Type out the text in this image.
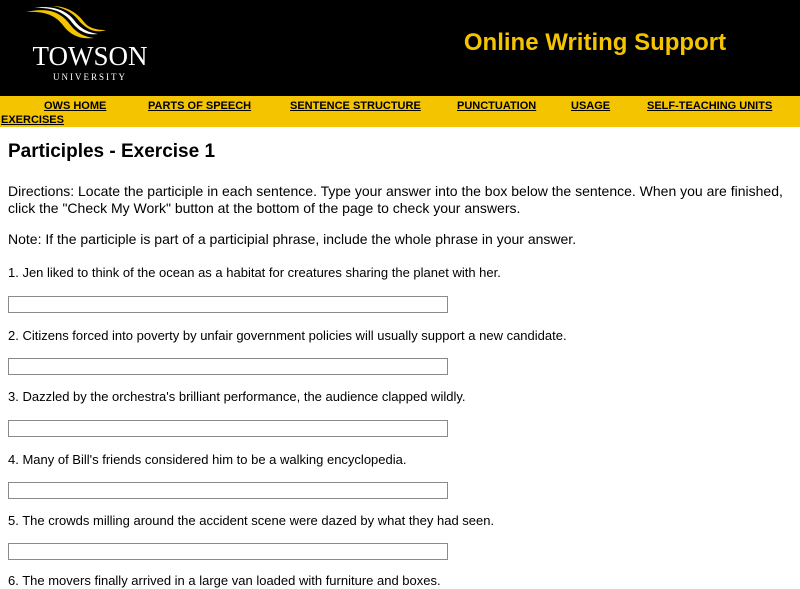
TOWSON
UNIVERSITY
Online Writing Support
OWS HOME	PARTS OF SPEECH	SENTENCE STRUCTURE	PUNCTUATION	USAGE	SELF-TEACHING UNITS
EXERCISES
Participles - Exercise 1

Directions: Locate the participle in each sentence. Type your answer into the box below the sentence. When you are finished, click the "Check My Work" button at the bottom of the page to check your answers.

Note: If the participle is part of a participial phrase, include the whole phrase in your answer.

1. Jen liked to think of the ocean as a habitat for creatures sharing the planet with her.

2. Citizens forced into poverty by unfair government policies will usually support a new candidate.

3. Dazzled by the orchestra's brilliant performance, the audience clapped wildly.

4. Many of Bill's friends considered him to be a walking encyclopedia.

5. The crowds milling around the accident scene were dazed by what they had seen.

6. The movers finally arrived in a large van loaded with furniture and boxes.
